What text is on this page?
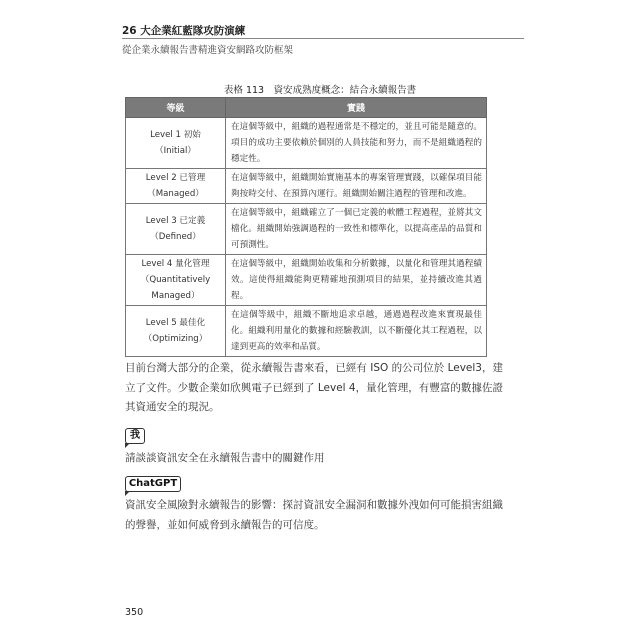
26 大企業紅藍隊攻防演練
從企業永續報告書精進資安網路攻防框架
表格 113　資安成熟度概念：結合永續報告書
等級	實踐

Level 1 初始
（Initial）	在這個等級中，組織的過程通常是不穩定的，並且可能是隨意的。項目的成功主要依賴於個別的人員技能和努力，而不是組織過程的穩定性。

Level 2 已管理
（Managed）	在這個等級中，組織開始實施基本的專案管理實踐，以確保項目能夠按時交付、在預算內運行。組織開始關注過程的管理和改進。

Level 3 已定義
（Defined）	在這個等級中，組織確立了一個已定義的軟體工程過程，並將其文檔化。組織開始強調過程的一致性和標準化，以提高產品的品質和可預測性。

Level 4 量化管理
（Quantitatively
Managed）	在這個等級中，組織開始收集和分析數據，以量化和管理其過程績效。這使得組織能夠更精確地預測項目的結果，並持續改進其過程。

Level 5 最佳化
（Optimizing）	在這個等級中，組織不斷地追求卓越，通過過程改進來實現最佳化。組織利用量化的數據和經驗教訓，以不斷優化其工程過程，以達到更高的效率和品質。
目前台灣大部分的企業，從永續報告書來看，已經有 ISO 的公司位於 Level3，建立了文件。少數企業如欣興電子已經到了 Level 4，量化管理，有豐富的數據佐證其資通安全的現況。
我
請談談資訊安全在永續報告書中的關鍵作用
ChatGPT
資訊安全風險對永續報告的影響：探討資訊安全漏洞和數據外洩如何可能損害組織的聲譽，並如何威脅到永續報告的可信度。
350
